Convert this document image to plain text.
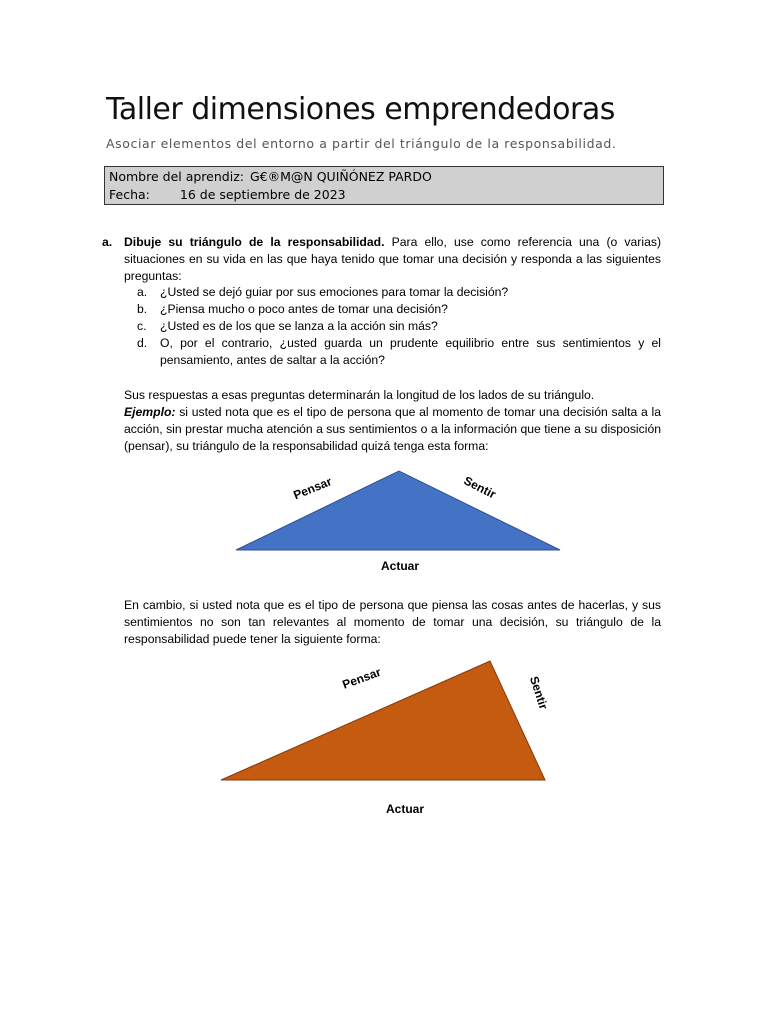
Taller dimensiones emprendedoras
Asociar elementos del entorno a partir del triángulo de la responsabilidad.
Nombre del aprendiz: G€®M@N QUIÑÓNEZ PARDO
Fecha: 16 de septiembre de 2023
a. Dibuje su triángulo de la responsabilidad. Para ello, use como referencia una (o varias) situaciones en su vida en las que haya tenido que tomar una decisión y responda a las siguientes preguntas:
a. ¿Usted se dejó guiar por sus emociones para tomar la decisión?
b. ¿Piensa mucho o poco antes de tomar una decisión?
c. ¿Usted es de los que se lanza a la acción sin más?
d. O, por el contrario, ¿usted guarda un prudente equilibrio entre sus sentimientos y el pensamiento, antes de saltar a la acción?
Sus respuestas a esas preguntas determinarán la longitud de los lados de su triángulo.
Ejemplo: si usted nota que es el tipo de persona que al momento de tomar una decisión salta a la acción, sin prestar mucha atención a sus sentimientos o a la información que tiene a su disposición (pensar), su triángulo de la responsabilidad quizá tenga esta forma:
Pensar	Sentir
Actuar
Pensar	Sentir
Actuar
En cambio, si usted nota que es el tipo de persona que piensa las cosas antes de hacerlas, y sus sentimientos no son tan relevantes al momento de tomar una decisión, su triángulo de la responsabilidad puede tener la siguiente forma:
